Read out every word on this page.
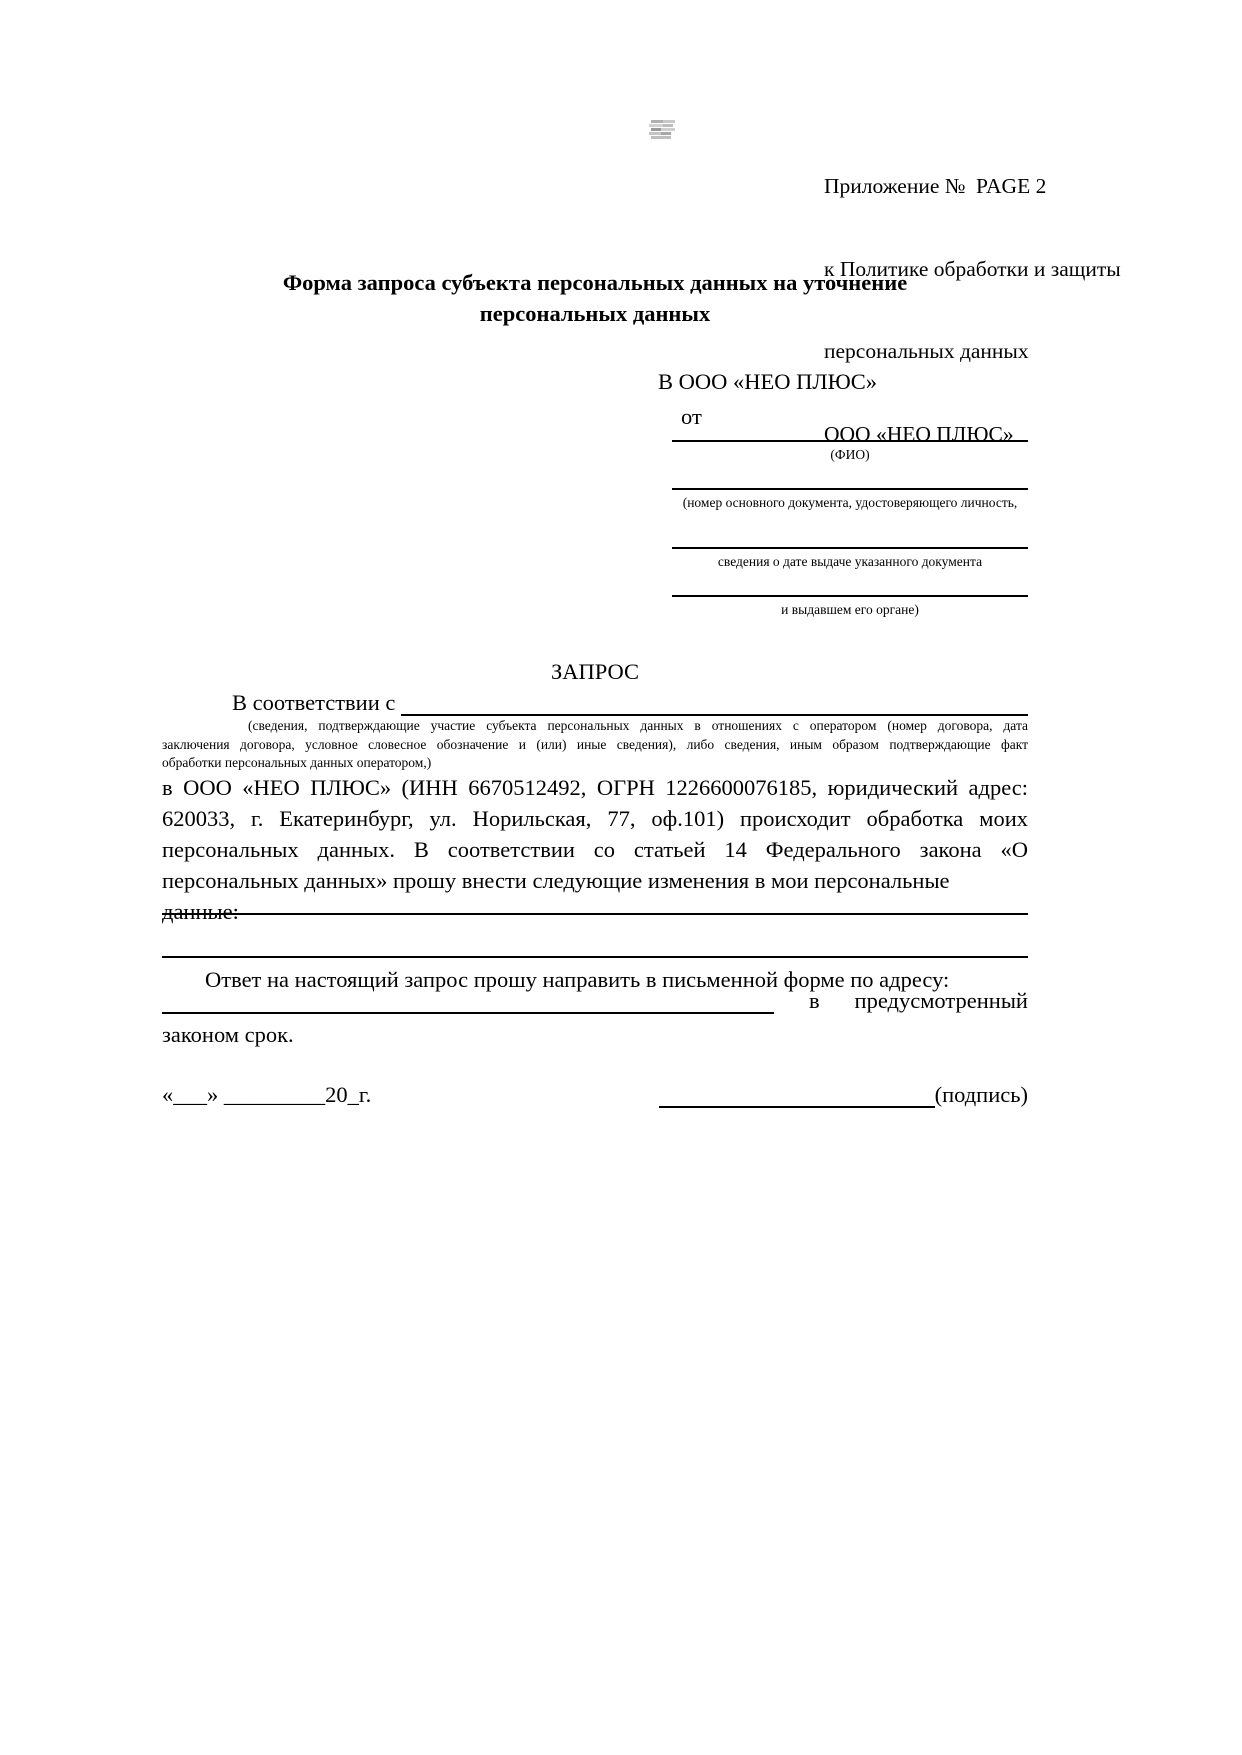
Приложение №  PAGE 2

к Политике обработки и защиты

персональных данных

ООО «НЕО ПЛЮС»

Форма запроса субъекта персональных данных на уточнение
персональных данных
В ООО «НЕО ПЛЮС»
от
(ФИО)
(номер основного документа, удостоверяющего личность,
сведения о дате выдаче указанного документа
и выдавшем его органе)
ЗАПРОС
В соответствии с
(сведения, подтверждающие участие субъекта персональных данных в отношениях с оператором (номер договора, дата
заключения договора, условное словесное обозначение и (или) иные сведения), либо сведения, иным образом подтверждающие факт
обработки персональных данных оператором,)
в ООО «НЕО ПЛЮС» (ИНН 6670512492, ОГРН 1226600076185, юридический адрес:
620033, г. Екатеринбург, ул. Норильская, 77, оф.101) происходит обработка моих
персональных данных. В соответствии со статьей 14 Федерального закона «О
персональных данных» прошу внести следующие изменения в мои персональные данные:
Ответ на настоящий запрос прошу направить в письменной форме по адресу:
в предусмотренный
законом срок.
«___» _________20_г.	(подпись)
